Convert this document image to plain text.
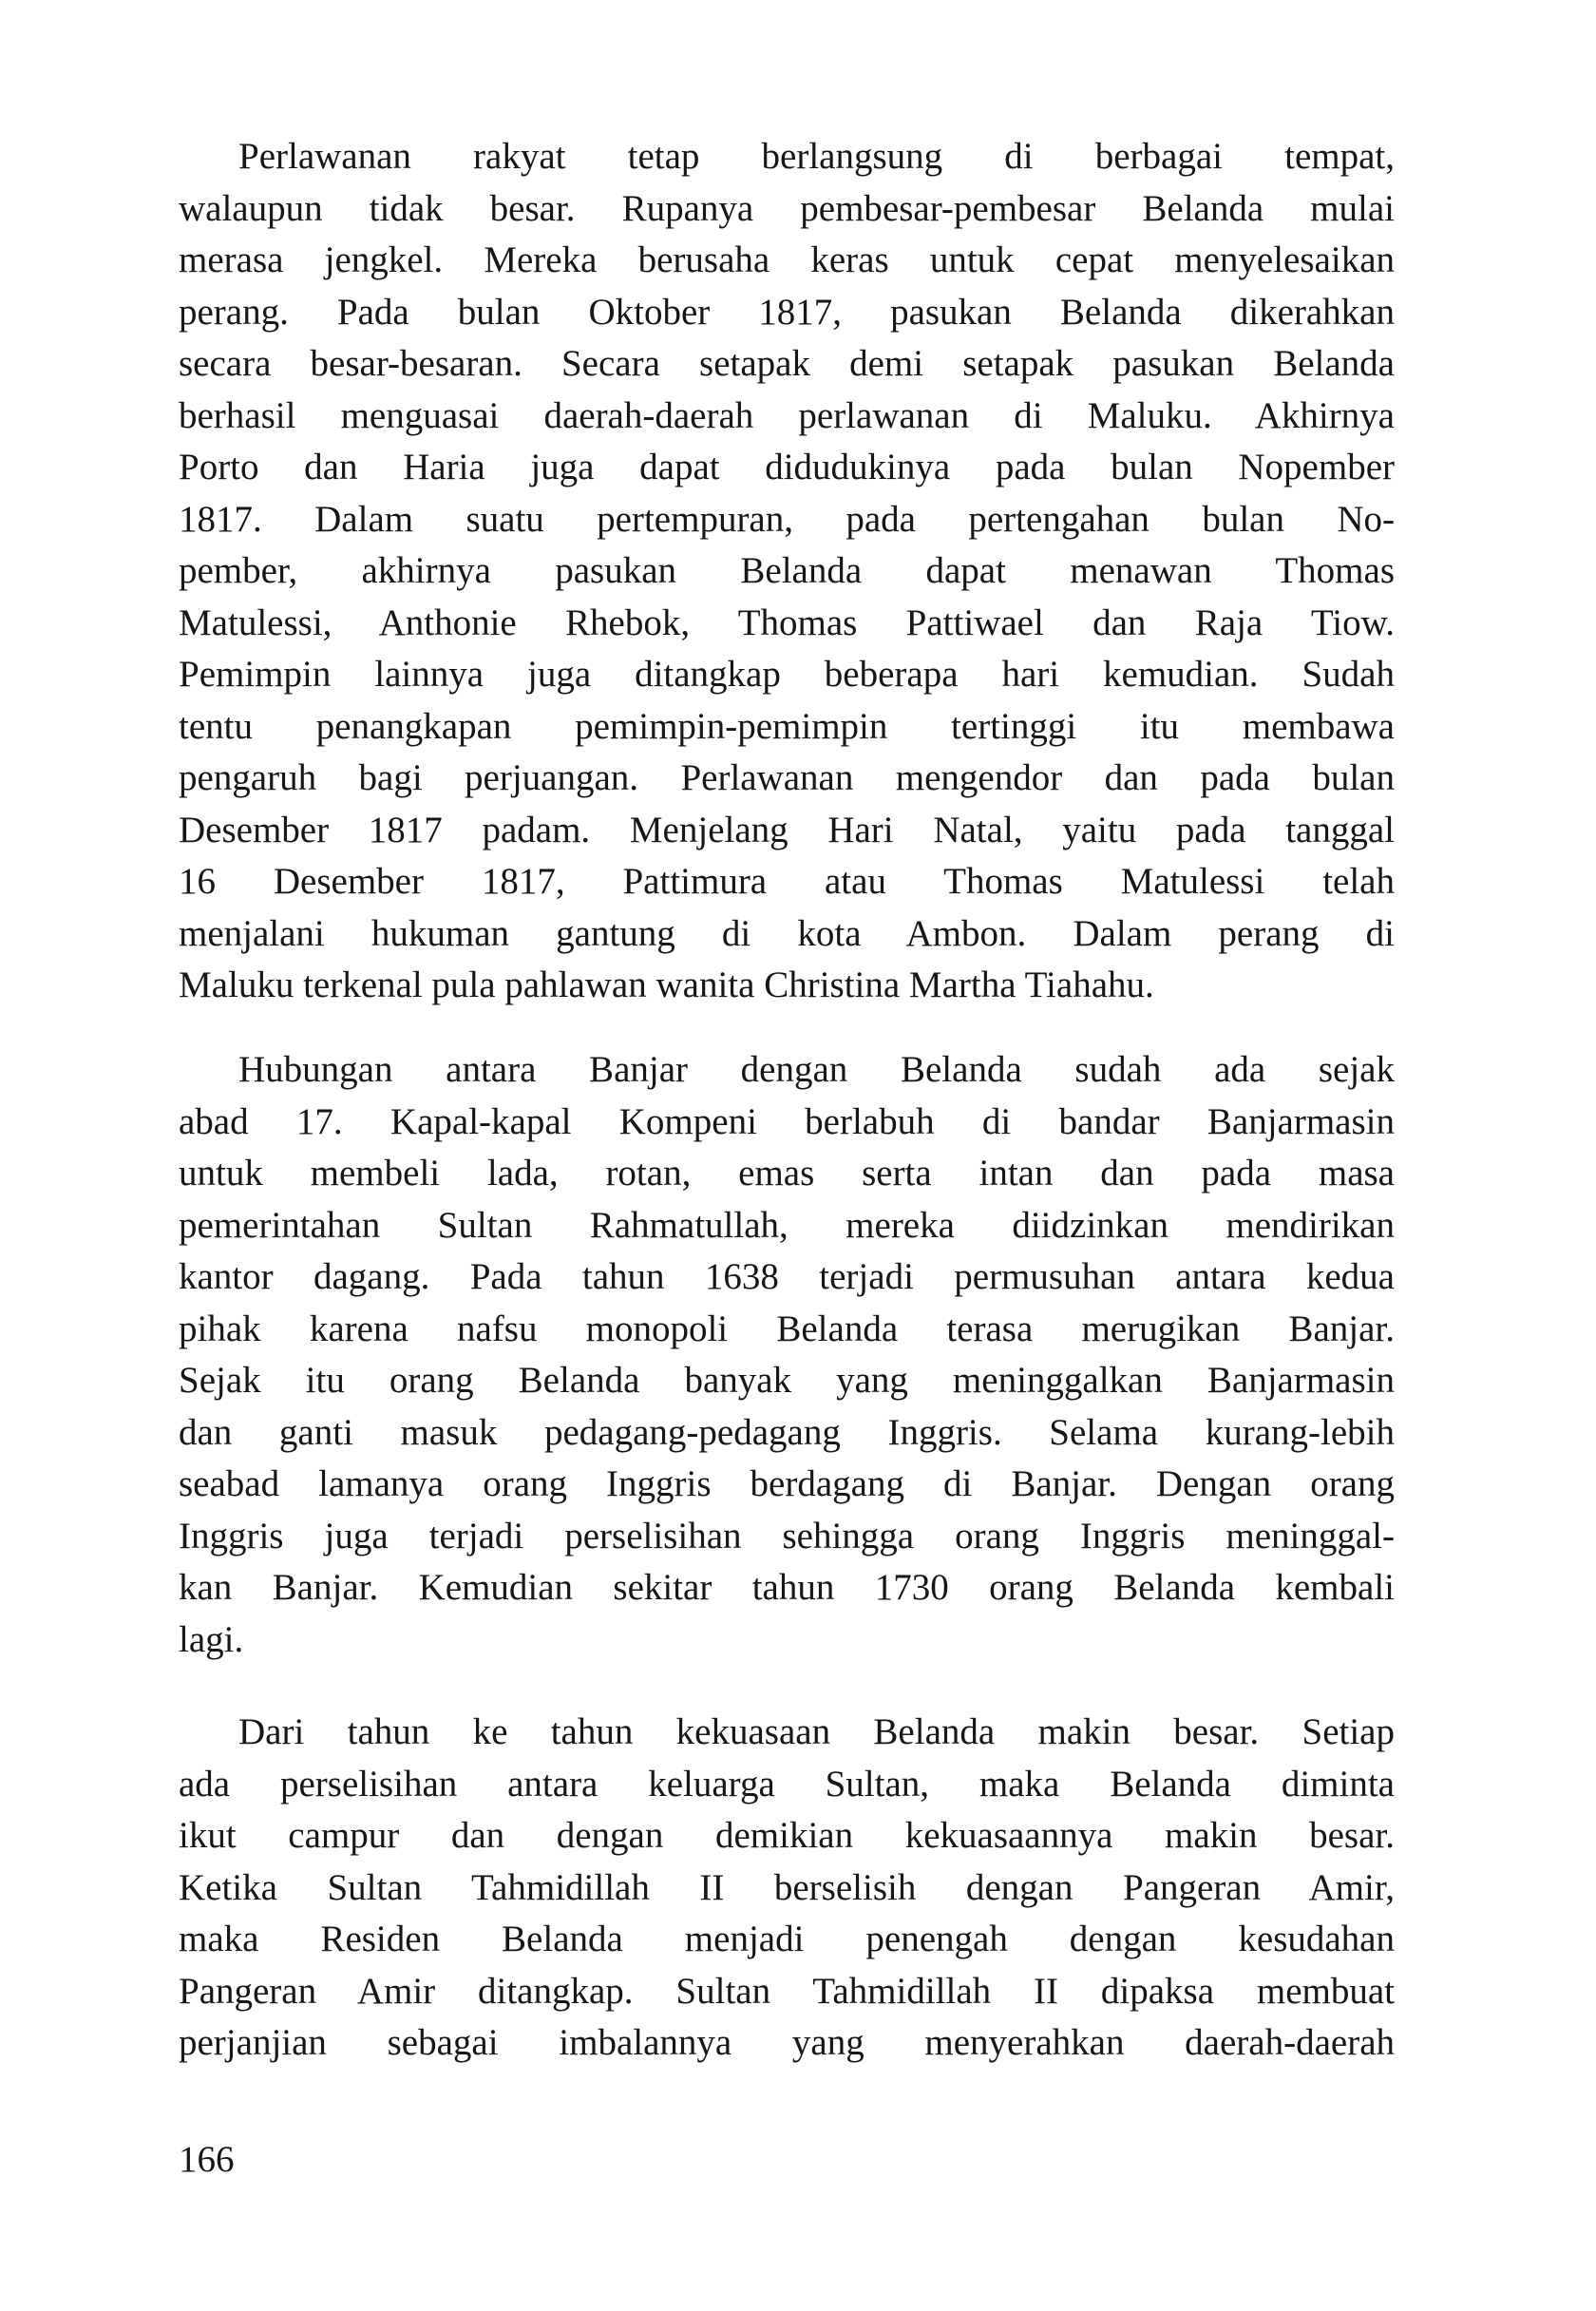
Perlawanan rakyat tetap berlangsung di berbagai tempat,
walaupun tidak besar. Rupanya pembesar-pembesar Belanda mulai
merasa jengkel. Mereka berusaha keras untuk cepat menyelesaikan
perang. Pada bulan Oktober 1817, pasukan Belanda dikerahkan
secara besar-besaran. Secara setapak demi setapak pasukan Belanda
berhasil menguasai daerah-daerah perlawanan di Maluku. Akhirnya
Porto dan Haria juga dapat didudukinya pada bulan Nopember
1817. Dalam suatu pertempuran, pada pertengahan bulan No-
pember, akhirnya pasukan Belanda dapat menawan Thomas
Matulessi, Anthonie Rhebok, Thomas Pattiwael dan Raja Tiow.
Pemimpin lainnya juga ditangkap beberapa hari kemudian. Sudah
tentu penangkapan pemimpin-pemimpin tertinggi itu membawa
pengaruh bagi perjuangan. Perlawanan mengendor dan pada bulan
Desember 1817 padam. Menjelang Hari Natal, yaitu pada tanggal
16 Desember 1817, Pattimura atau Thomas Matulessi telah
menjalani hukuman gantung di kota Ambon. Dalam perang di
Maluku terkenal pula pahlawan wanita Christina Martha Tiahahu.
Hubungan antara Banjar dengan Belanda sudah ada sejak
abad 17. Kapal-kapal Kompeni berlabuh di bandar Banjarmasin
untuk membeli lada, rotan, emas serta intan dan pada masa
pemerintahan Sultan Rahmatullah, mereka diidzinkan mendirikan
kantor dagang. Pada tahun 1638 terjadi permusuhan antara kedua
pihak karena nafsu monopoli Belanda terasa merugikan Banjar.
Sejak itu orang Belanda banyak yang meninggalkan Banjarmasin
dan ganti masuk pedagang-pedagang Inggris. Selama kurang-lebih
seabad lamanya orang Inggris berdagang di Banjar. Dengan orang
Inggris juga terjadi perselisihan sehingga orang Inggris meninggal-
kan Banjar. Kemudian sekitar tahun 1730 orang Belanda kembali
lagi.
Dari tahun ke tahun kekuasaan Belanda makin besar. Setiap
ada perselisihan antara keluarga Sultan, maka Belanda diminta
ikut campur dan dengan demikian kekuasaannya makin besar.
Ketika Sultan Tahmidillah II berselisih dengan Pangeran Amir,
maka Residen Belanda menjadi penengah dengan kesudahan
Pangeran Amir ditangkap. Sultan Tahmidillah II dipaksa membuat
perjanjian sebagai imbalannya yang menyerahkan daerah-daerah
166
